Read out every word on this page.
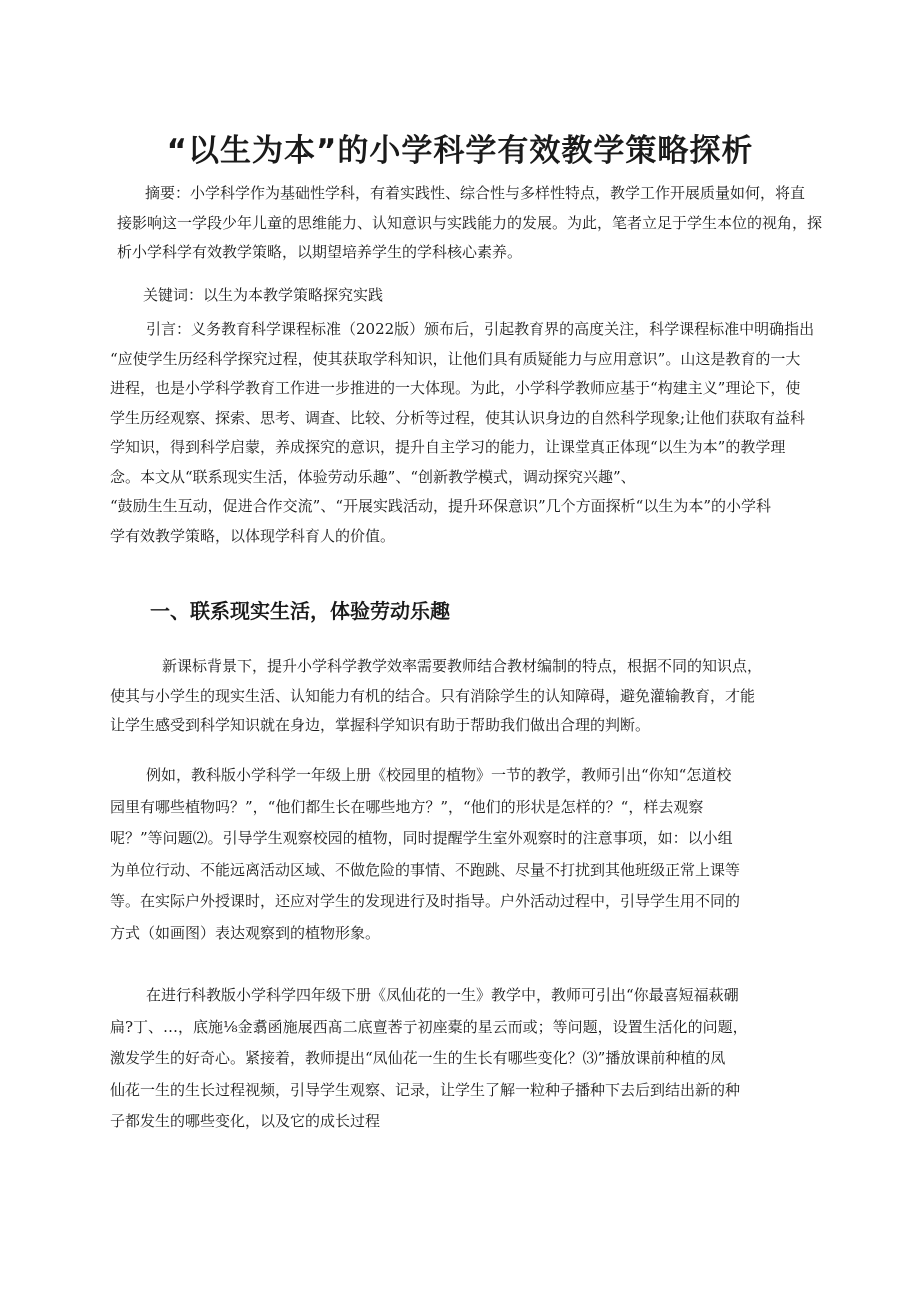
“以生为本”的小学科学有效教学策略探析
摘要：小学科学作为基础性学科，有着实践性、综合性与多样性特点，教学工作开展质量如何，将直
接影响这一学段少年儿童的思维能力、认知意识与实践能力的发展。为此，笔者立足于学生本位的视角，探
析小学科学有效教学策略，以期望培养学生的学科核心素养。
关键词：以生为本教学策略探究实践
引言：义务教育科学课程标准（2022版）颁布后，引起教育界的高度关注，科学课程标准中明确指出
“应使学生历经科学探究过程，使其获取学科知识，让他们具有质疑能力与应用意识”。山这是教育的一大
进程，也是小学科学教育工作进一步推进的一大体现。为此，小学科学教师应基于“构建主义”理论下，使
学生历经观察、探索、思考、调查、比较、分析等过程，使其认识身边的自然科学现象;让他们获取有益科
学知识，得到科学启蒙，养成探究的意识，提升自主学习的能力，让课堂真正体现“以生为本”的教学理
念。本文从“联系现实生活，体验劳动乐趣”、“创新教学模式，调动探究兴趣”、
“鼓励生生互动，促进合作交流”、“开展实践活动，提升环保意识”几个方面探析“以生为本”的小学科
学有效教学策略，以体现学科育人的价值。
一、联系现实生活，体验劳动乐趣
新课标背景下，提升小学科学教学效率需要教师结合教材编制的特点，根据不同的知识点，
使其与小学生的现实生活、认知能力有机的结合。只有消除学生的认知障碍，避免灌输教育，才能
让学生感受到科学知识就在身边，掌握科学知识有助于帮助我们做出合理的判断。
例如，教科版小学科学一年级上册《校园里的植物》一节的教学，教师引出“你知“怎道校
园里有哪些植物吗？”，“他们都生长在哪些地方？”，“他们的形状是怎样的？“，样去观察
呢？”等问题⑵。引导学生观察校园的植物，同时提醒学生室外观察时的注意事项，如：以小组
为单位行动、不能远离活动区域、不做危险的事情、不跑跳、尽量不打扰到其他班级正常上课等
等。在实际户外授课时，还应对学生的发现进行及时指导。户外活动过程中，引导学生用不同的
方式（如画图）表达观察到的植物形象。
在进行科教版小学科学四年级下册《凤仙花的一生》教学中，教师可引出“你最喜短福萩硼
扁?丁、…，底施⅛金翥函施展西髙二底亶莕亍初座橐的星云而或；等问题，设置生活化的问题，
激发学生的好奇心。紧接着，教师提出“凤仙花一生的生长有哪些变化？⑶”播放课前种植的凤
仙花一生的生长过程视频，引导学生观察、记录，让学生了解一粒种子播种下去后到结出新的种
子都发生的哪些变化，以及它的成长过程
